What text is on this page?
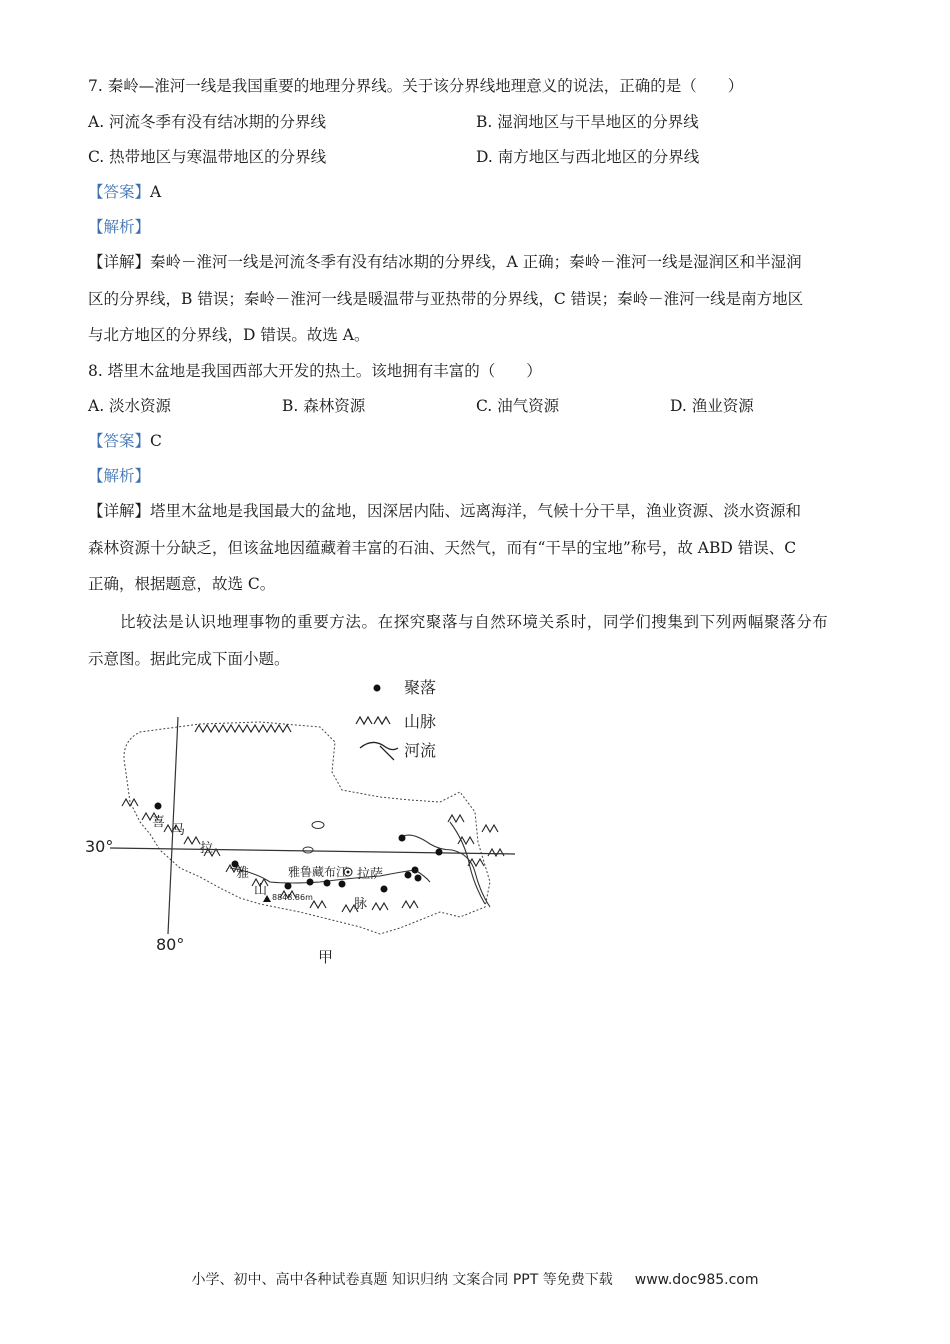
7. 秦岭—淮河一线是我国重要的地理分界线。关于该分界线地理意义的说法，正确的是（　　）
A. 河流冬季有没有结冰期的分界线	B. 湿润地区与干旱地区的分界线
C. 热带地区与寒温带地区的分界线	D. 南方地区与西北地区的分界线
【答案】A
【解析】
【详解】秦岭－淮河一线是河流冬季有没有结冰期的分界线，A 正确；秦岭－淮河一线是湿润区和半湿润
区的分界线，B 错误；秦岭－淮河一线是暖温带与亚热带的分界线，C 错误；秦岭－淮河一线是南方地区
与北方地区的分界线，D 错误。故选 A。
8. 塔里木盆地是我国西部大开发的热土。该地拥有丰富的（　　）
A. 淡水资源	B. 森林资源	C. 油气资源	D. 渔业资源
【答案】C
【解析】
【详解】塔里木盆地是我国最大的盆地，因深居内陆、远离海洋，气候十分干旱，渔业资源、淡水资源和
森林资源十分缺乏，但该盆地因蕴藏着丰富的石油、天然气，而有“干旱的宝地”称号，故 ABD 错误、C
正确，根据题意，故选 C。
比较法是认识地理事物的重要方法。在探究聚落与自然环境关系时，同学们搜集到下列两幅聚落分布
示意图。据此完成下面小题。
聚落
山脉
河流
30°
80°
喜
马
拉
雅
山
脉
雅鲁藏布江 拉萨
8848.86m
甲
小学、初中、高中各种试卷真题 知识归纳 文案合同 PPT 等免费下载 www.doc985.com
